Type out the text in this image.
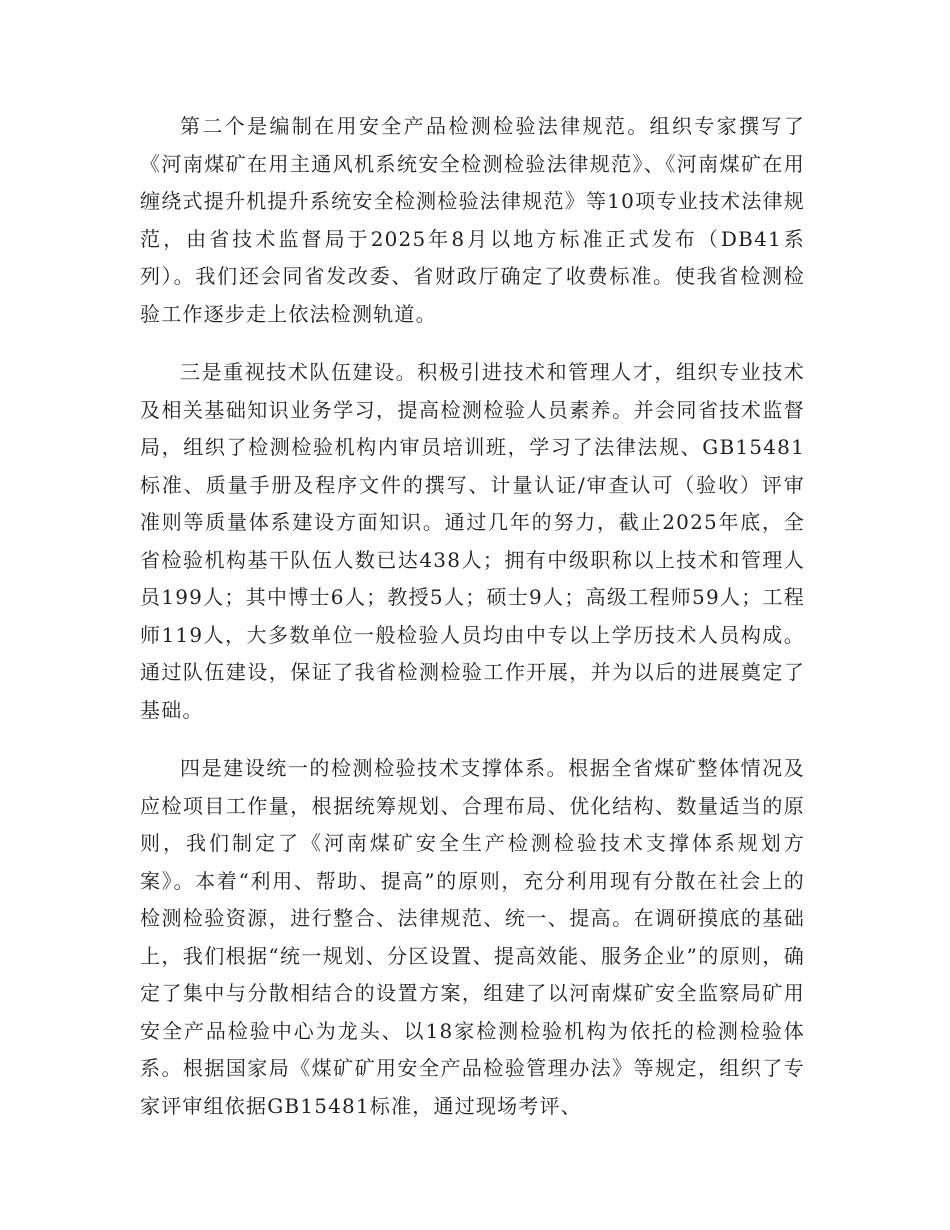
第二个是编制在用安全产品检测检验法律规范。组织专家撰写了《河南煤矿在用主通风机系统安全检测检验法律规范》、《河南煤矿在用缠绕式提升机提升系统安全检测检验法律规范》等10项专业技术法律规范，由省技术监督局于2025年8月以地方标准正式发布（DB41系列）。我们还会同省发改委、省财政厅确定了收费标准。使我省检测检验工作逐步走上依法检测轨道。

三是重视技术队伍建设。积极引进技术和管理人才，组织专业技术及相关基础知识业务学习，提高检测检验人员素养。并会同省技术监督局，组织了检测检验机构内审员培训班，学习了法律法规、GB15481标准、质量手册及程序文件的撰写、计量认证/审查认可（验收）评审准则等质量体系建设方面知识。通过几年的努力，截止2025年底，全省检验机构基干队伍人数已达438人；拥有中级职称以上技术和管理人员199人；其中博士6人；教授5人；硕士9人；高级工程师59人；工程师119人，大多数单位一般检验人员均由中专以上学历技术人员构成。通过队伍建设，保证了我省检测检验工作开展，并为以后的进展奠定了基础。

四是建设统一的检测检验技术支撑体系。根据全省煤矿整体情况及应检项目工作量，根据统筹规划、合理布局、优化结构、数量适当的原则，我们制定了《河南煤矿安全生产检测检验技术支撑体系规划方案》。本着“利用、帮助、提高”的原则，充分利用现有分散在社会上的检测检验资源，进行整合、法律规范、统一、提高。在调研摸底的基础上，我们根据“统一规划、分区设置、提高效能、服务企业”的原则，确定了集中与分散相结合的设置方案，组建了以河南煤矿安全监察局矿用安全产品检验中心为龙头、以18家检测检验机构为依托的检测检验体系。根据国家局《煤矿矿用安全产品检验管理办法》等规定，组织了专家评审组依据GB15481标准，通过现场考评、
